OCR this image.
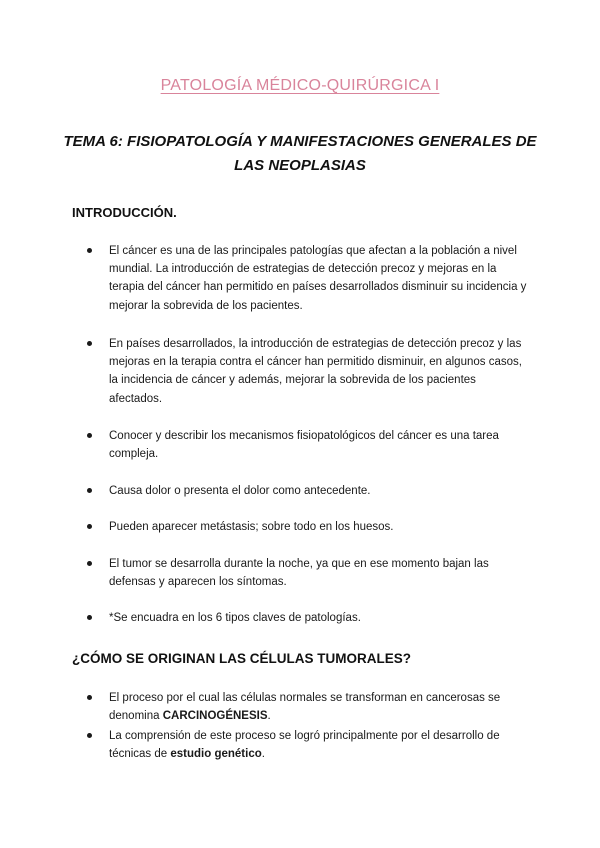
PATOLOGÍA MÉDICO-QUIRÚRGICA I
TEMA 6: FISIOPATOLOGÍA Y MANIFESTACIONES GENERALES DE LAS NEOPLASIAS
INTRODUCCIÓN.
El cáncer es una de las principales patologías que afectan a la población a nivel mundial. La introducción de estrategias de detección precoz y mejoras en la terapia del cáncer han permitido en países desarrollados disminuir su incidencia y mejorar la sobrevida de los pacientes.
En países desarrollados, la introducción de estrategias de detección precoz y las mejoras en la terapia contra el cáncer han permitido disminuir, en algunos casos, la incidencia de cáncer y además, mejorar la sobrevida de los pacientes afectados.
Conocer y describir los mecanismos fisiopatológicos del cáncer es una tarea compleja.
Causa dolor o presenta el dolor como antecedente.
Pueden aparecer metástasis; sobre todo en los huesos.
El tumor se desarrolla durante la noche, ya que en ese momento bajan las defensas y aparecen los síntomas.
*Se encuadra en los 6 tipos claves de patologías.
¿CÓMO SE ORIGINAN LAS CÉLULAS TUMORALES?
El proceso por el cual las células normales se transforman en cancerosas se denomina CARCINOGÉNESIS.
La comprensión de este proceso se logró principalmente por el desarrollo de técnicas de estudio genético.
